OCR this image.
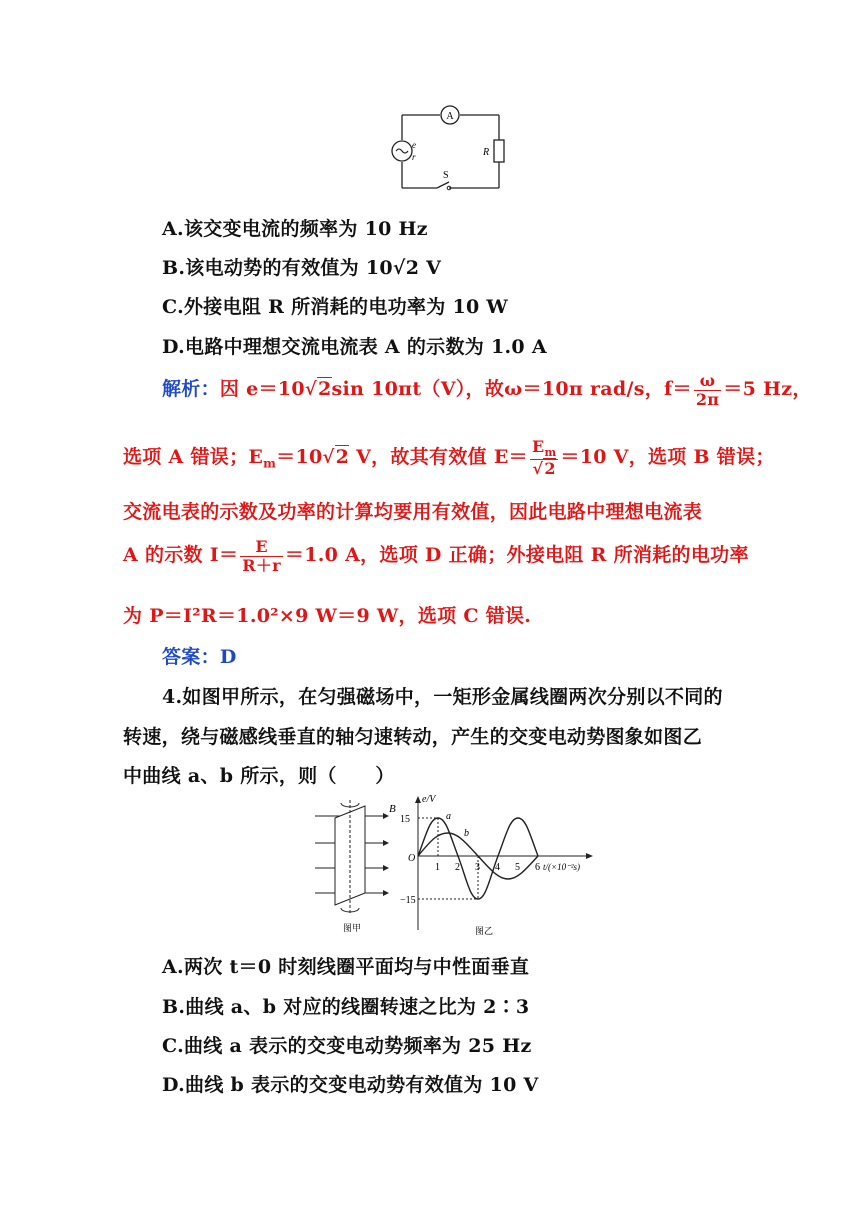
A
e
r	R
S
A.该交变电流的频率为 10 Hz
B.该电动势的有效值为 10√2 V
C.外接电阻 R 所消耗的电功率为 10 W
D.电路中理想交流电流表 A 的示数为 1.0 A
解析：因 e＝10√2sin 10πt（V），故ω＝10π rad/s，$f= \frac{\omega}{2\pi} =5$ Hz，
选项 A 错误；$E_m=10√2$ V，故其有效值 $E= \frac{E_m}{√2} =10$ V，选项 B 错误；
交流电表的示数及功率的计算均要用有效值，因此电路中理想电流表
A 的示数 $I= \frac{E}{R+r} =1.0$ A，选项 D 正确；外接电阻 R 所消耗的电功率
为 P＝I²R＝1.0²×9 W＝9 W，选项 C 错误.
答案：D
4.如图甲所示，在匀强磁场中，一矩形金属线圈两次分别以不同的
转速，绕与磁感线垂直的轴匀速转动，产生的交变电动势图象如图乙
中曲线 a、b 所示，则（　　）
B
图甲
e/V
15
−15
O
1 2 3 4 5 6 t/(×10⁻²s)
a
b
图乙
A.两次 t＝0 时刻线圈平面均与中性面垂直
B.曲线 a、b 对应的线圈转速之比为 2∶3
C.曲线 a 表示的交变电动势频率为 25 Hz
D.曲线 b 表示的交变电动势有效值为 10 V
